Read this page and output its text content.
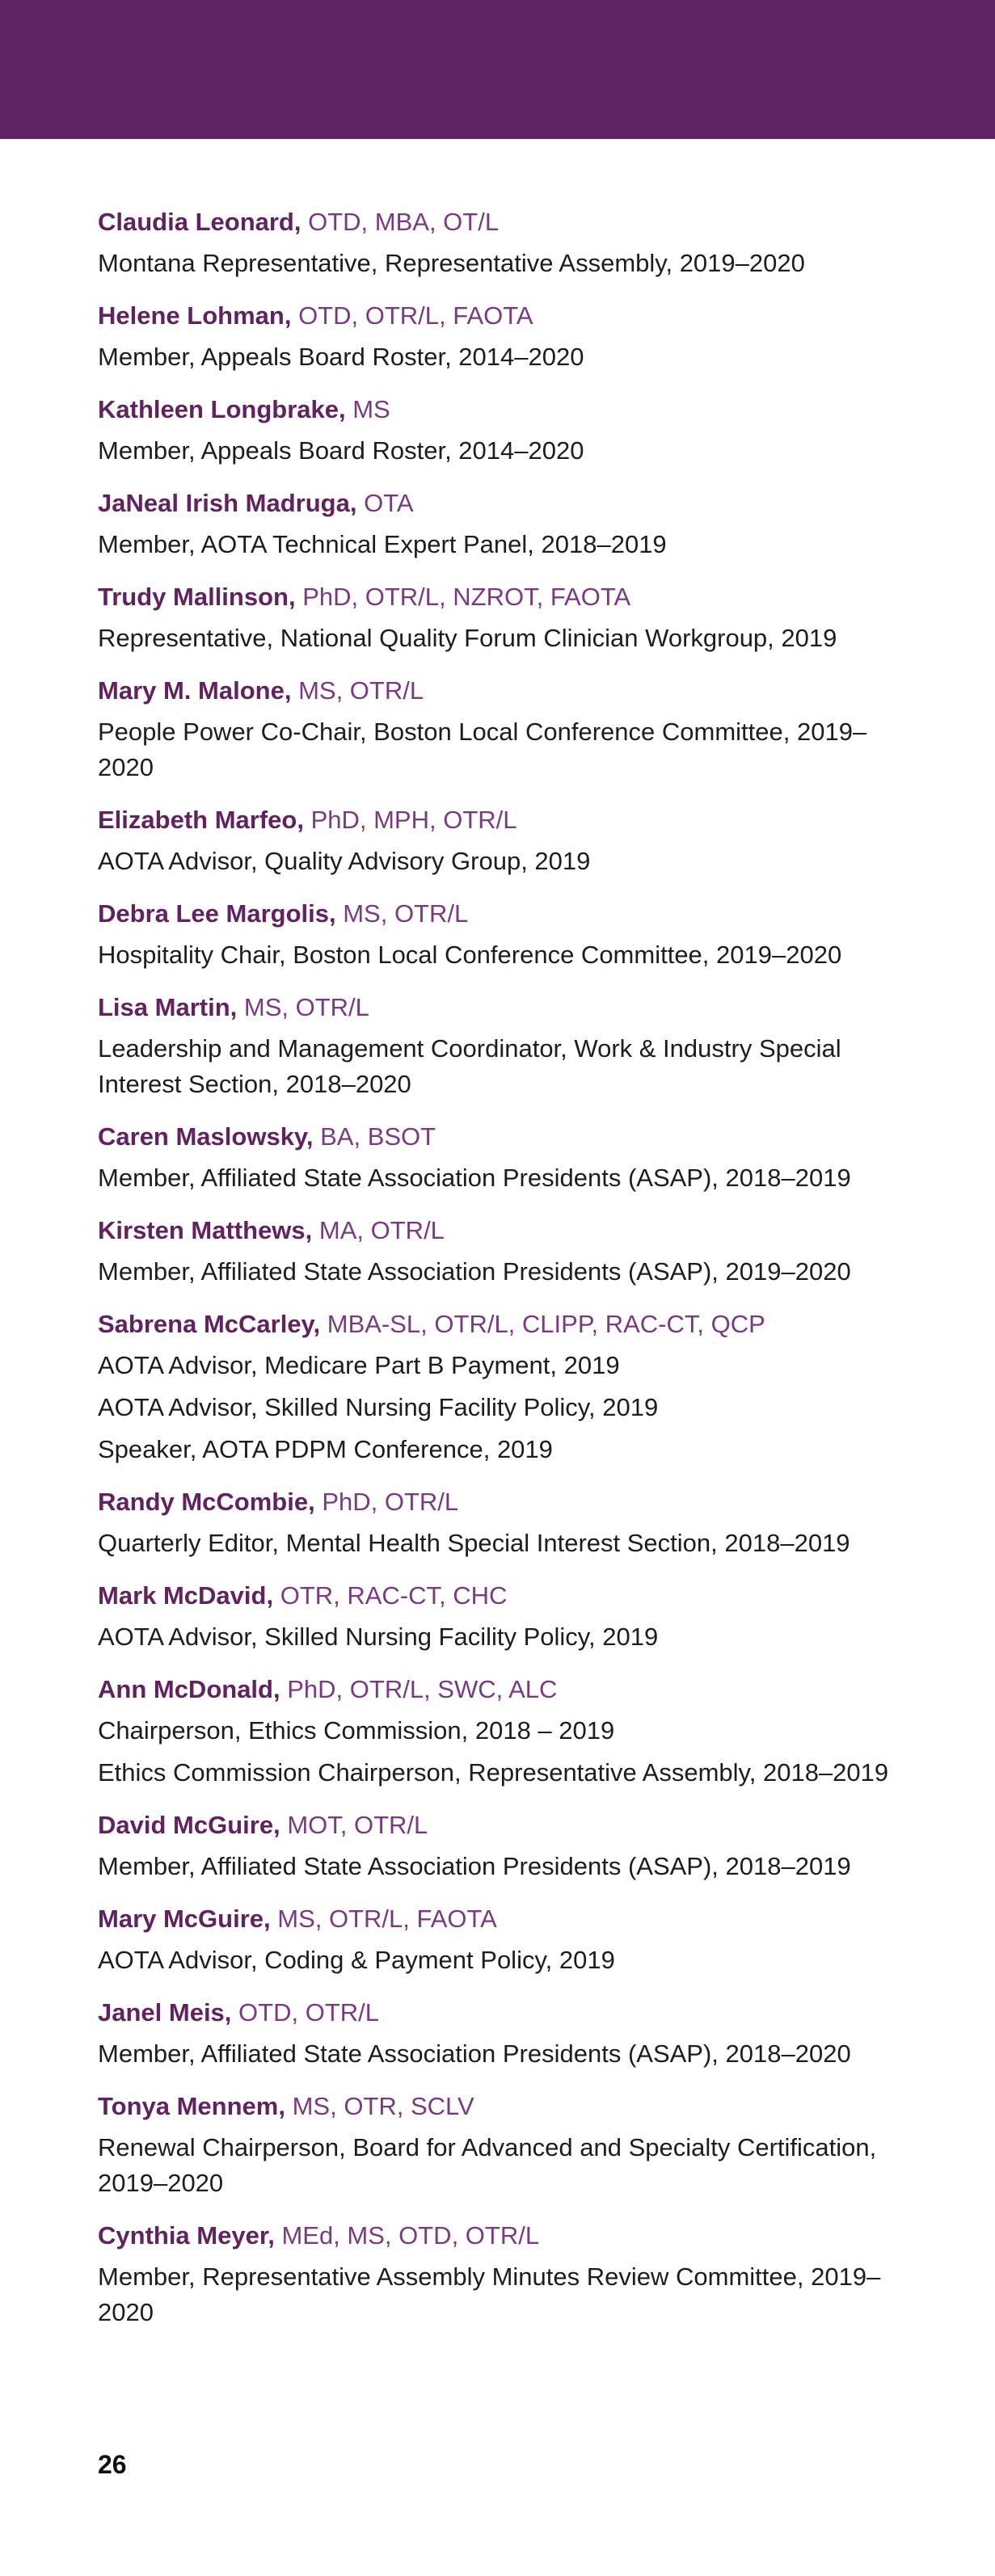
Claudia Leonard, OTD, MBA, OT/L
Montana Representative, Representative Assembly, 2019–2020
Helene Lohman, OTD, OTR/L, FAOTA
Member, Appeals Board Roster, 2014–2020
Kathleen Longbrake, MS
Member, Appeals Board Roster, 2014–2020
JaNeal Irish Madruga, OTA
Member, AOTA Technical Expert Panel, 2018–2019
Trudy Mallinson, PhD, OTR/L, NZROT, FAOTA
Representative, National Quality Forum Clinician Workgroup, 2019
Mary M. Malone, MS, OTR/L
People Power Co-Chair, Boston Local Conference Committee, 2019–2020
Elizabeth Marfeo, PhD, MPH, OTR/L
AOTA Advisor, Quality Advisory Group, 2019
Debra Lee Margolis, MS, OTR/L
Hospitality Chair, Boston Local Conference Committee, 2019–2020
Lisa Martin, MS, OTR/L
Leadership and Management Coordinator, Work & Industry Special Interest Section, 2018–2020
Caren Maslowsky, BA, BSOT
Member, Affiliated State Association Presidents (ASAP), 2018–2019
Kirsten Matthews, MA, OTR/L
Member, Affiliated State Association Presidents (ASAP), 2019–2020
Sabrena McCarley, MBA-SL, OTR/L, CLIPP, RAC-CT, QCP
AOTA Advisor, Medicare Part B Payment, 2019
AOTA Advisor, Skilled Nursing Facility Policy, 2019
Speaker, AOTA PDPM Conference, 2019
Randy McCombie, PhD, OTR/L
Quarterly Editor, Mental Health Special Interest Section, 2018–2019
Mark McDavid, OTR, RAC-CT, CHC
AOTA Advisor, Skilled Nursing Facility Policy, 2019
Ann McDonald, PhD, OTR/L, SWC, ALC
Chairperson, Ethics Commission, 2018 – 2019
Ethics Commission Chairperson, Representative Assembly, 2018–2019
David McGuire, MOT, OTR/L
Member, Affiliated State Association Presidents (ASAP), 2018–2019
Mary McGuire, MS, OTR/L, FAOTA
AOTA Advisor, Coding & Payment Policy, 2019
Janel Meis, OTD, OTR/L
Member, Affiliated State Association Presidents (ASAP), 2018–2020
Tonya Mennem, MS, OTR, SCLV
Renewal Chairperson, Board for Advanced and Specialty Certification, 2019–2020
Cynthia Meyer, MEd, MS, OTD, OTR/L
Member, Representative Assembly Minutes Review Committee, 2019–2020
26
